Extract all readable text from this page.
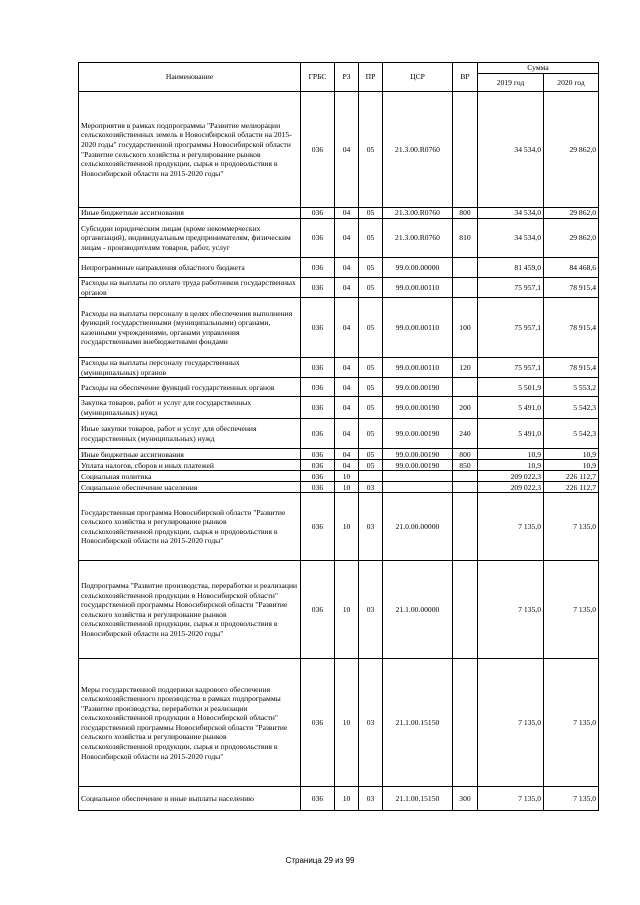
Наименование	ГРБС	РЗ	ПР	ЦСР	ВР	Сумма	
						2019 год	2020 год
Мероприятия в рамках подпрограммы "Развитие мелиорации сельскохозяйственных земель в Новосибирской области на 2015-2020 годы" государственной программы Новосибирской области "Развитие сельского хозяйства и регулирование рынков сельскохозяйственной продукции, сырья и продовольствия в Новосибирской области на 2015-2020 годы"	036	04	05	21.3.00.R0760		34 534,0	29 862,0
Иные бюджетные ассигнования	036	04	05	21.3.00.R0760	800	34 534,0	29 862,0
Субсидии юридическим лицам (кроме некоммерческих организаций), индивидуальным предпринимателям, физическим лицам - производителям товаров, работ, услуг	036	04	05	21.3.00.R0760	810	34 534,0	29 862,0
Непрограммные направления областного бюджета	036	04	05	99.0.00.00000		81 459,0	84 468,6
Расходы на выплаты по оплате труда работников государственных органов	036	04	05	99.0.00.00110		75 957,1	78 915,4
Расходы на выплаты персоналу в целях обеспечения выполнения функций государственными (муниципальными) органами, казенными учреждениями, органами управления государственными внебюджетными фондами	036	04	05	99.0.00.00110	100	75 957,1	78 915,4
Расходы на выплаты персоналу государственных (муниципальных) органов	036	04	05	99.0.00.00110	120	75 957,1	78 915,4
Расходы на обеспечение функций государственных органов	036	04	05	99.0.00.00190		5 501,9	5 553,2
Закупка товаров, работ и услуг для государственных (муниципальных) нужд	036	04	05	99.0.00.00190	200	5 491,0	5 542,3
Иные закупки товаров, работ и услуг для обеспечения государственных (муниципальных) нужд	036	04	05	99.0.00.00190	240	5 491,0	5 542,3
Иные бюджетные ассигнования	036	04	05	99.0.00.00190	800	10,9	10,9
Уплата налогов, сборов и иных платежей	036	04	05	99.0.00.00190	850	10,9	10,9
Социальная политика	036	10				209 022,3	226 112,7
Социальное обеспечение населения	036	10	03			209 022,3	226 112,7
Государственная программа Новосибирской области "Развитие сельского хозяйства и регулирование рынков сельскохозяйственной продукции, сырья и продовольствия в Новосибирской области на 2015-2020 годы"	036	10	03	21.0.00.00000		7 135,0	7 135,0
Подпрограмма "Развитие производства, переработки и реализации сельскохозяйственной продукции в Новосибирской области" государственной программы Новосибирской области "Развитие сельского хозяйства и регулирование рынков сельскохозяйственной продукции, сырья и продовольствия в Новосибирской области на 2015-2020 годы"	036	10	03	21.1.00.00000		7 135,0	7 135,0
Меры государственной поддержки кадрового обеспечения сельскохозяйственного производства в рамках подпрограммы "Развитие производства, переработки и реализации сельскохозяйственной продукции в Новосибирской области" государственной программы Новосибирской области "Развитие сельского хозяйства и регулирование рынков сельскохозяйственной продукции, сырья и продовольствия в Новосибирской области на 2015-2020 годы"	036	10	03	21.1.00.15150		7 135,0	7 135,0
Социальное обеспечение и иные выплаты населению	036	10	03	21.1.00.15150	300	7 135,0	7 135,0
Страница 29 из 99
